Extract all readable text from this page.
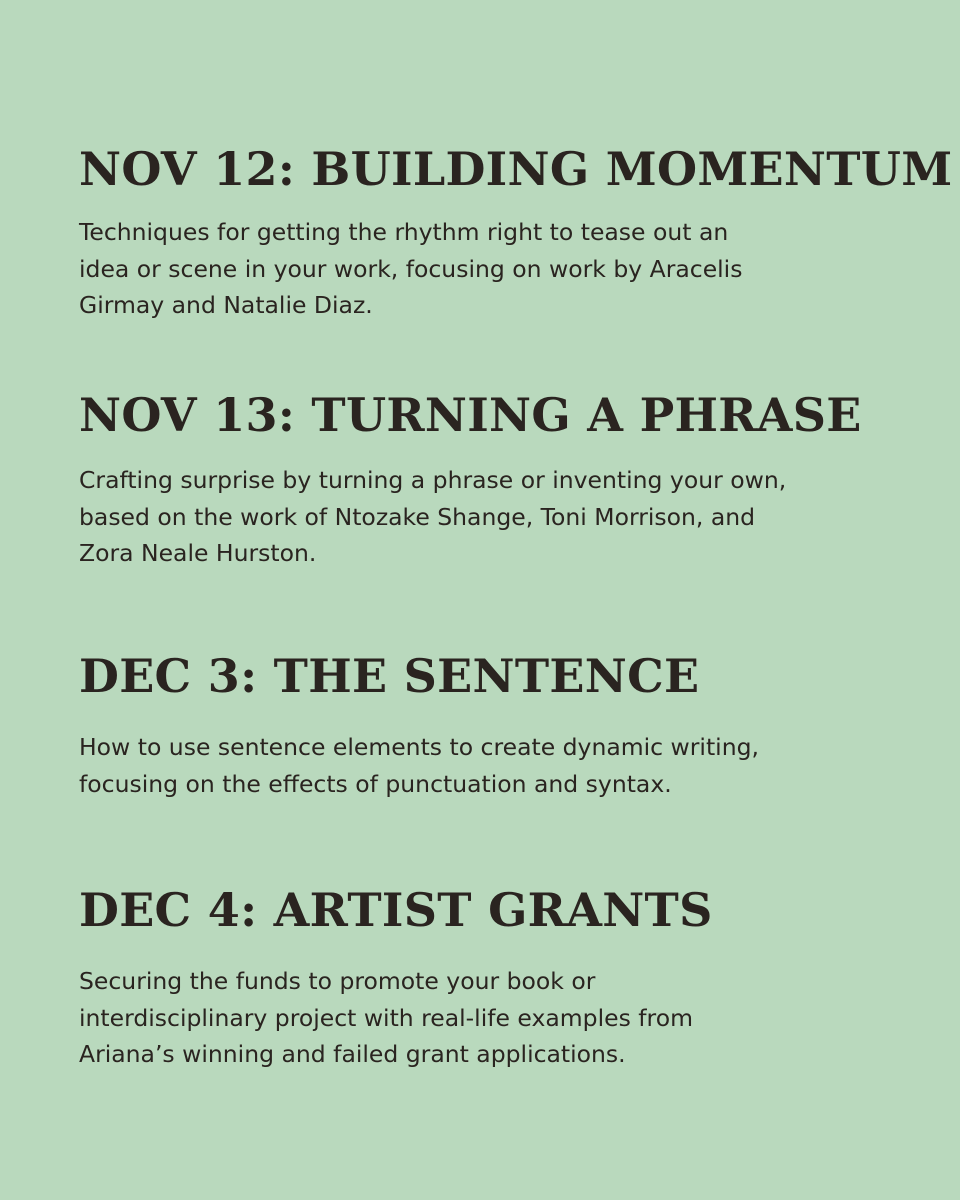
NOV 12: BUILDING MOMENTUM

Techniques for getting the rhythm right to tease out an
idea or scene in your work, focusing on work by Aracelis
Girmay and Natalie Diaz.

NOV 13: TURNING A PHRASE

Crafting surprise by turning a phrase or inventing your own,
based on the work of Ntozake Shange, Toni Morrison, and
Zora Neale Hurston.

DEC 3: THE SENTENCE

How to use sentence elements to create dynamic writing,
focusing on the effects of punctuation and syntax.

DEC 4: ARTIST GRANTS

Securing the funds to promote your book or
interdisciplinary project with real-life examples from
Ariana’s winning and failed grant applications.
